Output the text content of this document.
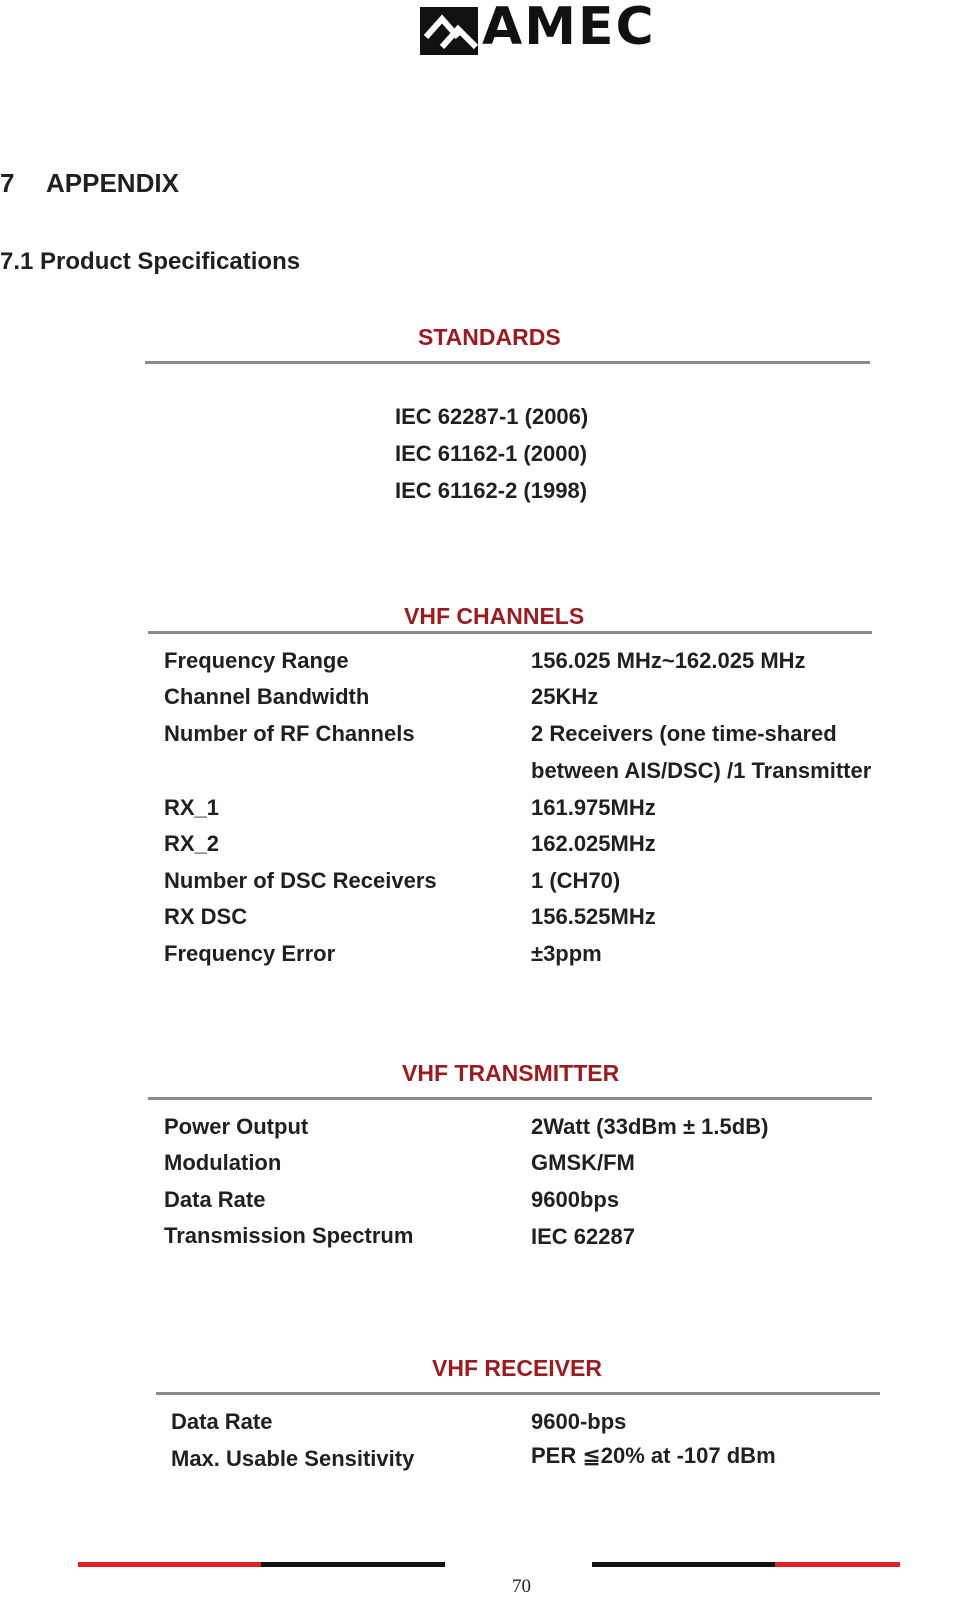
AMEC
7 APPENDIX
7.1 Product Specifications
STANDARDS
IEC 62287-1 (2006)
IEC 61162-1 (2000)
IEC 61162-2 (1998)
VHF CHANNELS
Frequency Range	156.025 MHz~162.025 MHz
Channel Bandwidth	25KHz
Number of RF Channels	2 Receivers (one time-shared
between AIS/DSC) /1 Transmitter
RX_1	161.975MHz
RX_2	162.025MHz
Number of DSC Receivers	1 (CH70)
RX DSC	156.525MHz
Frequency Error	±3ppm
VHF TRANSMITTER
Power Output	2Watt (33dBm ± 1.5dB)
Modulation	GMSK/FM
Data Rate	9600bps
Transmission Spectrum	IEC 62287
VHF RECEIVER
Data Rate	9600-bps
Max. Usable Sensitivity	PER ≦20% at -107 dBm
70
